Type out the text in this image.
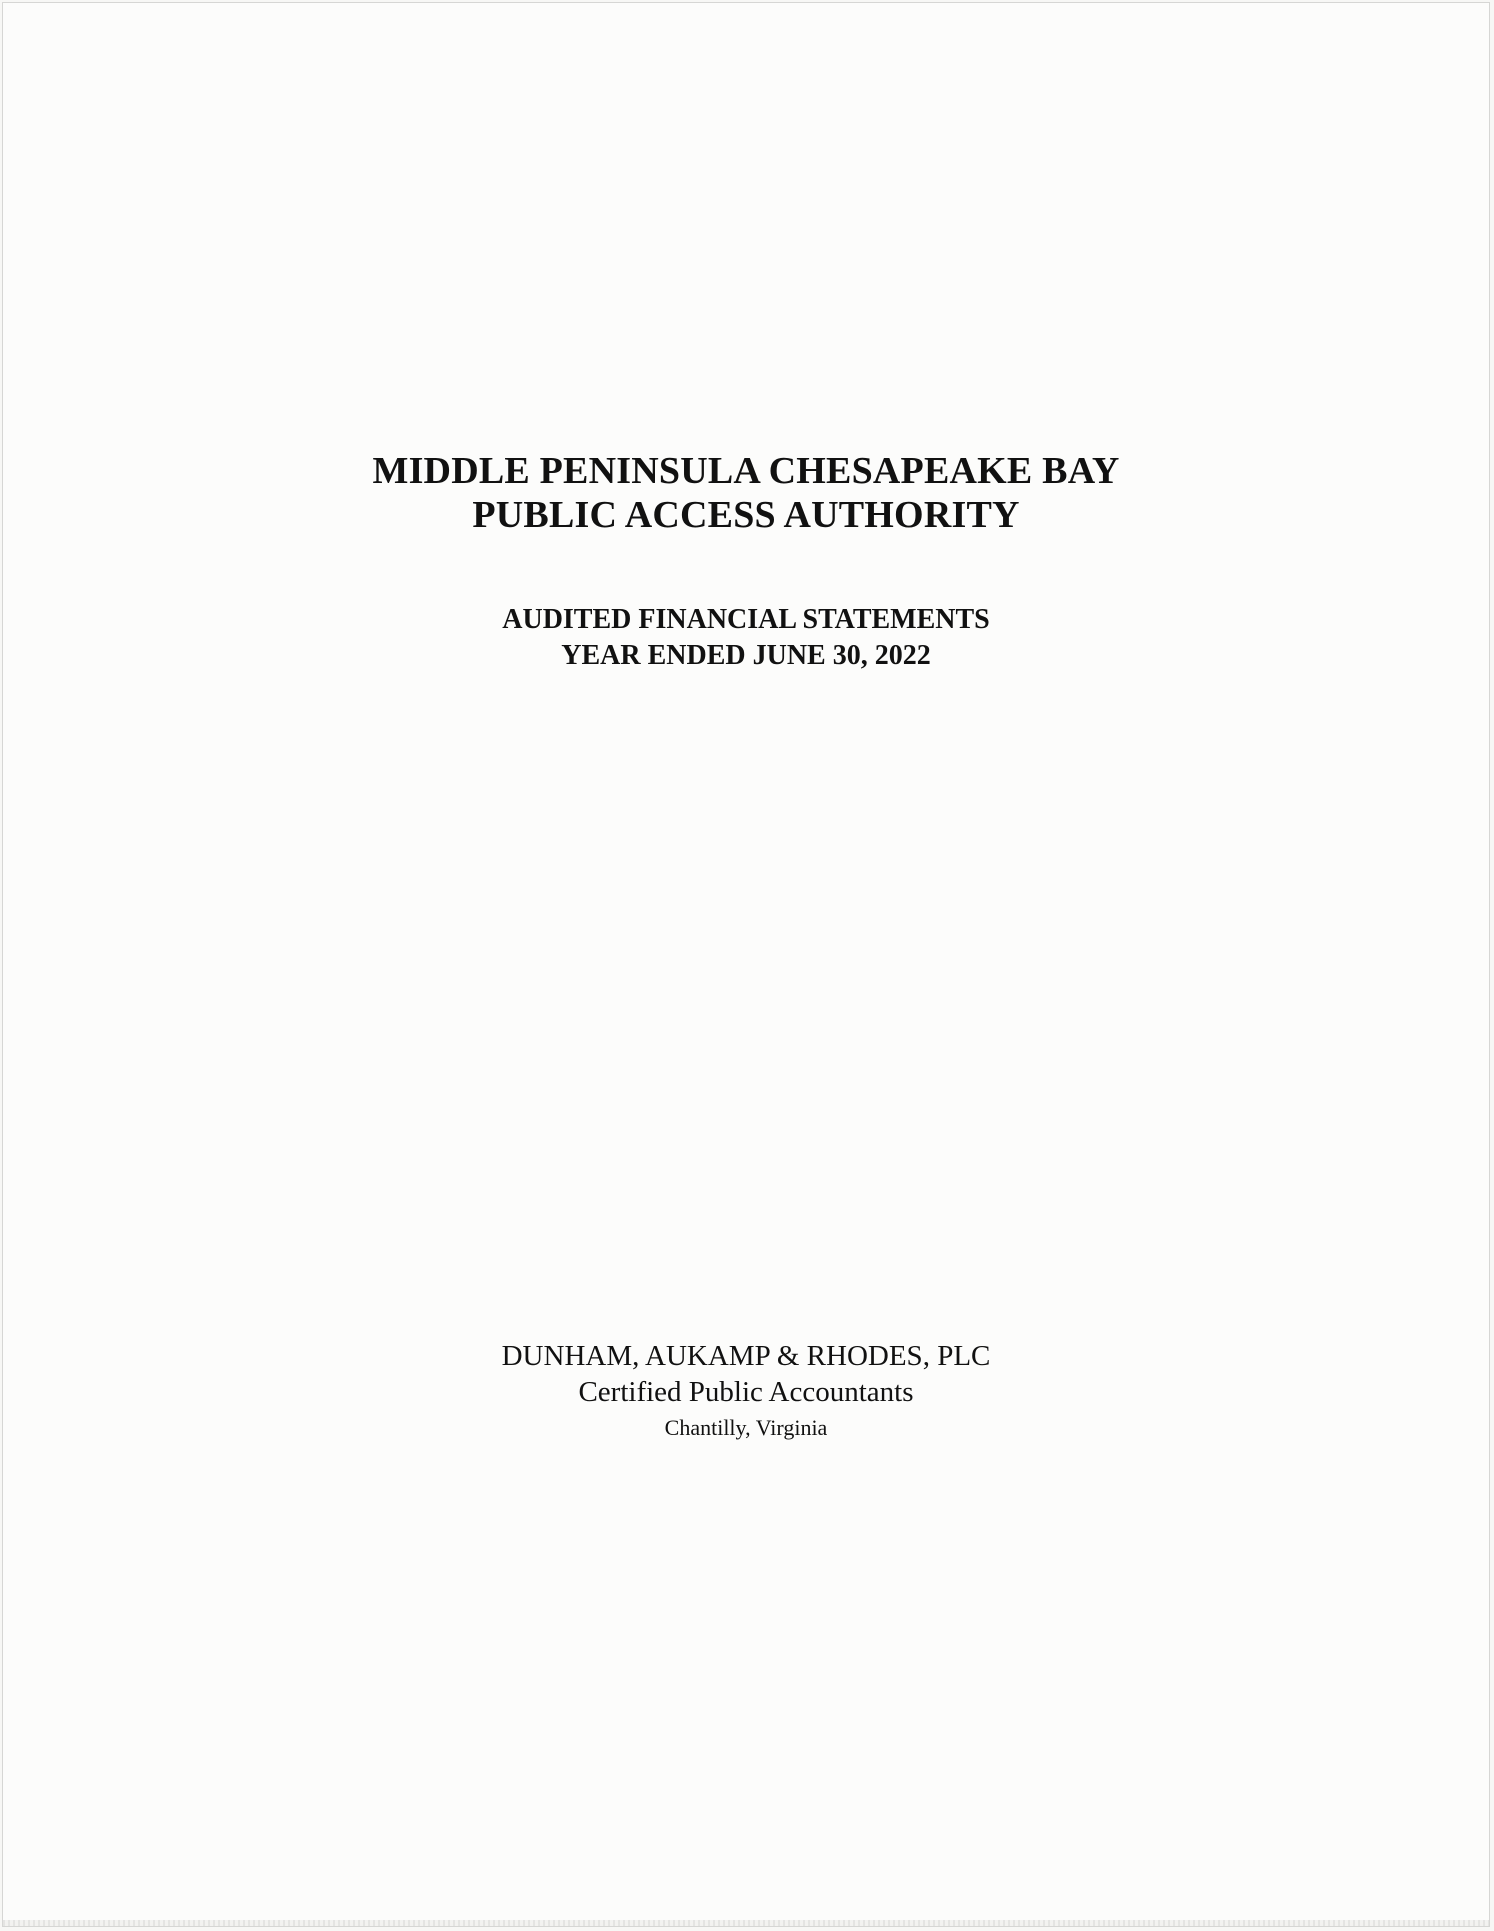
MIDDLE PENINSULA CHESAPEAKE BAY
PUBLIC ACCESS AUTHORITY
AUDITED FINANCIAL STATEMENTS
YEAR ENDED JUNE 30, 2022

DUNHAM, AUKAMP & RHODES, PLC

Certified Public Accountants

Chantilly, Virginia
